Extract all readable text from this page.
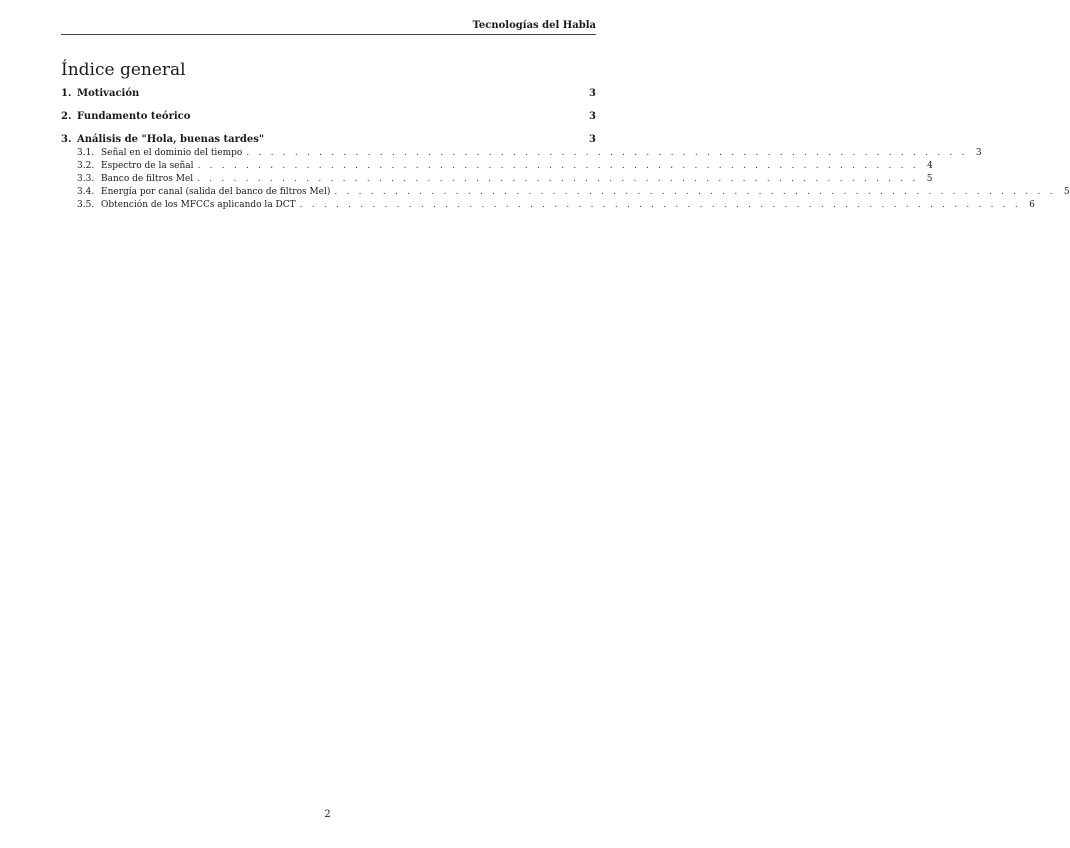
Tecnologías del Habla
Índice general
1. Motivación	3
2. Fundamento teórico	3
3. Análisis de "Hola, buenas tardes"	3
3.1. Señal en el dominio del tiempo . . . . . . . . . . . . . . . . . . . . . . . . . . . . . . . . . . . . . . . . . . . . . . . . . . . . . . . . . . . . 3
3.2. Espectro de la señal . . . . . . . . . . . . . . . . . . . . . . . . . . . . . . . . . . . . . . . . . . . . . . . . . . . . . . . . . . . . 4
3.3. Banco de filtros Mel . . . . . . . . . . . . . . . . . . . . . . . . . . . . . . . . . . . . . . . . . . . . . . . . . . . . . . . . . . . . 5
3.4. Energía por canal (salida del banco de filtros Mel) . . . . . . . . . . . . . . . . . . . . . . . . . . . . . . . . . . . . . . . . . . . . . . . . . . . . . . . . . . . . 5
3.5. Obtención de los MFCCs aplicando la DCT . . . . . . . . . . . . . . . . . . . . . . . . . . . . . . . . . . . . . . . . . . . . . . . . . . . . . . . . . . . . 6
2
